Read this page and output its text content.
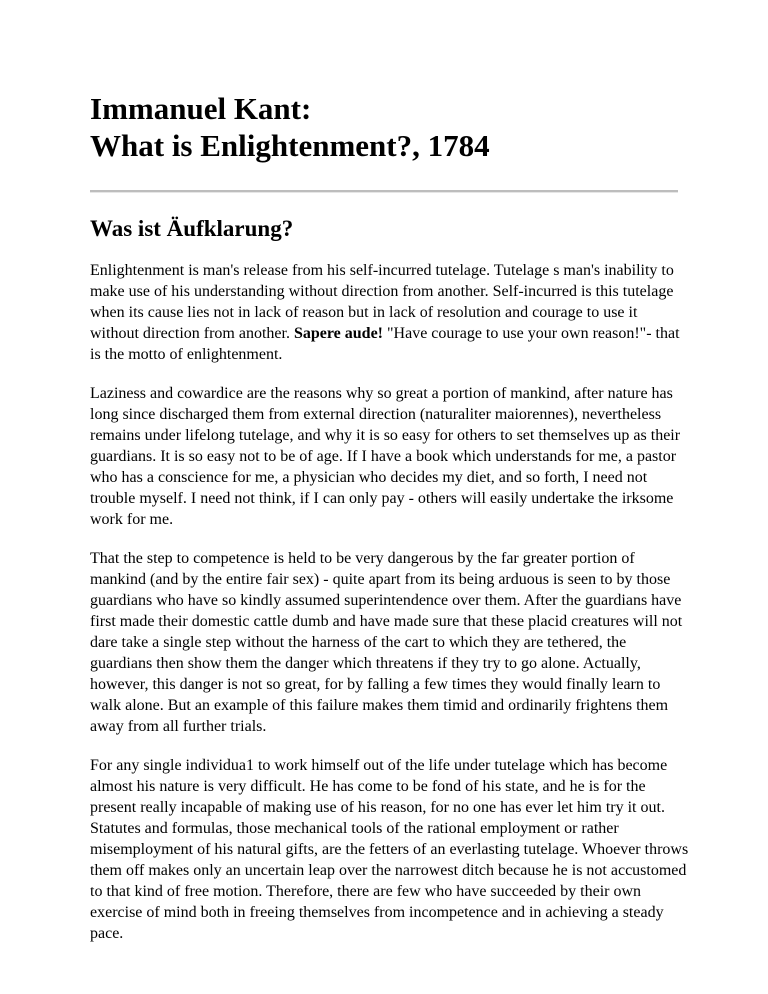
Immanuel Kant:
What is Enlightenment?, 1784
Was ist Äufklarung?

Enlightenment is man's release from his self-incurred tutelage. Tutelage s man's inability to make use of his understanding without direction from another. Self-incurred is this tutelage when its cause lies not in lack of reason but in lack of resolution and courage to use it without direction from another. Sapere aude! "Have courage to use your own reason!"- that is the motto of enlightenment.

Laziness and cowardice are the reasons why so great a portion of mankind, after nature has long since discharged them from external direction (naturaliter maiorennes), nevertheless remains under lifelong tutelage, and why it is so easy for others to set themselves up as their guardians. It is so easy not to be of age. If I have a book which understands for me, a pastor who has a conscience for me, a physician who decides my diet, and so forth, I need not trouble myself. I need not think, if I can only pay - others will easily undertake the irksome work for me.

That the step to competence is held to be very dangerous by the far greater portion of mankind (and by the entire fair sex) - quite apart from its being arduous is seen to by those guardians who have so kindly assumed superintendence over them. After the guardians have first made their domestic cattle dumb and have made sure that these placid creatures will not dare take a single step without the harness of the cart to which they are tethered, the guardians then show them the danger which threatens if they try to go alone. Actually, however, this danger is not so great, for by falling a few times they would finally learn to walk alone. But an example of this failure makes them timid and ordinarily frightens them away from all further trials.

For any single individua1 to work himself out of the life under tutelage which has become almost his nature is very difficult. He has come to be fond of his state, and he is for the present really incapable of making use of his reason, for no one has ever let him try it out. Statutes and formulas, those mechanical tools of the rational employment or rather misemployment of his natural gifts, are the fetters of an everlasting tutelage. Whoever throws them off makes only an uncertain leap over the narrowest ditch because he is not accustomed to that kind of free motion. Therefore, there are few who have succeeded by their own exercise of mind both in freeing themselves from incompetence and in achieving a steady pace.
